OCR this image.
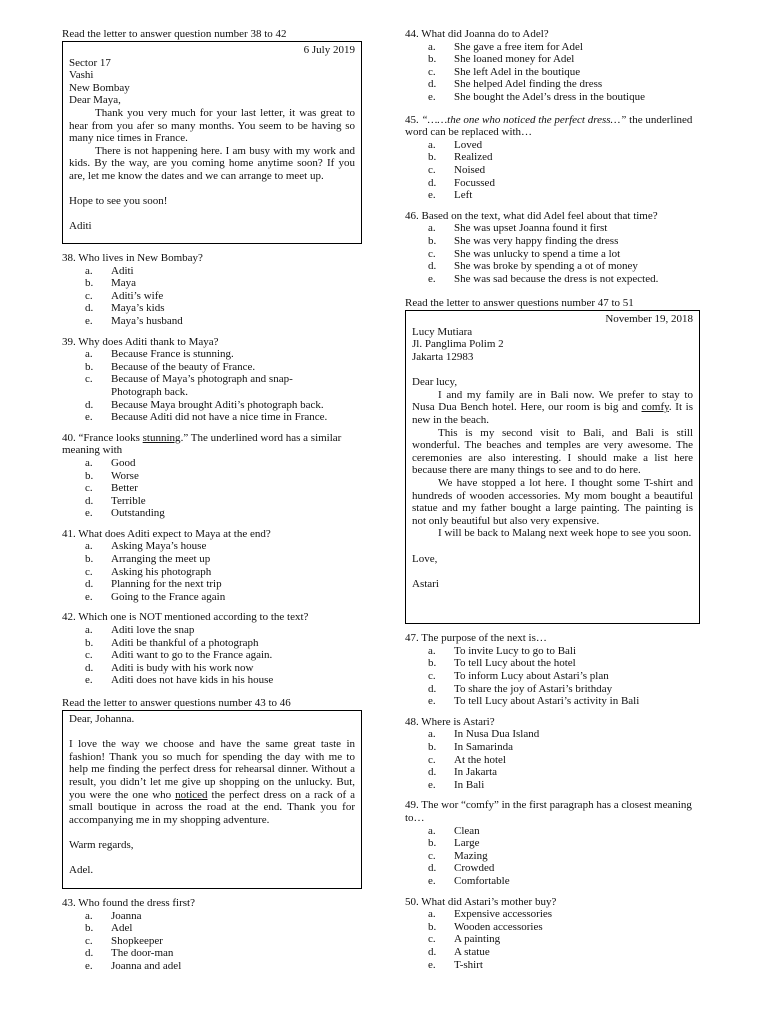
Read the letter to answer question number 38 to 42
6 July 2019
Sector 17
Vashi
New Bombay
Dear Maya,
Thank you very much for your last letter, it was great to hear from you afer so many months. You seem to be having so many nice times in France.
There is not happening here. I am busy with my work and kids. By the way, are you coming home anytime soon? If you are, let me know the dates and we can arrange to meet up.
Hope to see you soon!
Aditi
38. Who lives in New Bombay?
a.	Aditi
b.	Maya
c.	Aditi’s wife
d.	Maya’s kids
e.	Maya’s husband
39. Why does Aditi thank to Maya?
a.	Because France is stunning.
b.	Because of the beauty of France.
c.	Because of Maya’s photograph and snap- Photograph back.
d.	Because Maya brought Aditi’s photograph back.
e.	Because Aditi did not have a nice time in France.
40. “France looks stunning.” The underlined word has a similar meaning with
a.	Good
b.	Worse
c.	Better
d.	Terrible
e.	Outstanding
41. What does Aditi expect to Maya at the end?
a.	Asking Maya’s house
b.	Arranging the meet up
c.	Asking his photograph
d.	Planning for the next trip
e.	Going to the France again
42. Which one is NOT mentioned according to the text?
a.	Aditi love the snap
b.	Aditi be thankful of a photograph
c.	Aditi want to go to the France again.
d.	Aditi is budy with his work now
e.	Aditi does not have kids in his house
Read the letter to answer questions number 43 to 46
Dear, Johanna.
I love the way we choose and have the same great taste in fashion! Thank you so much for spending the day with me to help me finding the perfect dress for rehearsal dinner. Without a result, you didn’t let me give up shopping on the unlucky. But, you were the one who noticed the perfect dress on a rack of a small boutique in across the road at the end. Thank you for accompanying me in my shopping adventure.
Warm regards,
Adel.
43. Who found the dress first?
a.	Joanna
b.	Adel
c.	Shopkeeper
d.	The door-man
e.	Joanna and adel
44. What did Joanna do to Adel?
a.	She gave a free item for Adel
b.	She loaned money for Adel
c.	She left Adel in the boutique
d.	She helped Adel finding the dress
e.	She bought the Adel’s dress in the boutique
45. “……the one who noticed the perfect dress…” the underlined word can be replaced with…
a.	Loved
b.	Realized
c.	Noised
d.	Focussed
e.	Left
46. Based on the text, what did Adel feel about that time?
a.	She was upset Joanna found it first
b.	She was very happy finding the dress
c.	She was unlucky to spend a time a lot
d.	She was broke by spending a ot of money
e.	She was sad because the dress is not expected.
Read the letter to answer questions number 47 to 51
November 19, 2018
Lucy Mutiara
Jl. Panglima Polim 2
Jakarta 12983
Dear lucy,
I and my family are in Bali now. We prefer to stay to Nusa Dua Bench hotel. Here, our room is big and comfy. It is new in the beach.
This is my second visit to Bali, and Bali is still wonderful. The beaches and temples are very awesome. The ceremonies are also interesting. I should make a list here because there are many things to see and to do here.
We have stopped a lot here. I thought some T-shirt and hundreds of wooden accessories. My mom bought a beautiful statue and my father bought a large painting. The painting is not only beautiful but also very expensive.
I will be back to Malang next week hope to see you soon.
Love,
Astari
47. The purpose of the next is…
a.	To invite Lucy to go to Bali
b.	To tell Lucy about the hotel
c.	To inform Lucy about Astari’s plan
d.	To share the joy of Astari’s brithday
e.	To tell Lucy about Astari’s activity in Bali
48. Where is Astari?
a.	In Nusa Dua Island
b.	In Samarinda
c.	At the hotel
d.	In Jakarta
e.	In Bali
49. The wor “comfy” in the first paragraph has a closest meaning to…
a.	Clean
b.	Large
c.	Mazing
d.	Crowded
e.	Comfortable
50. What did Astari’s mother buy?
a.	Expensive accessories
b.	Wooden accessories
c.	A painting
d.	A statue
e.	T-shirt
